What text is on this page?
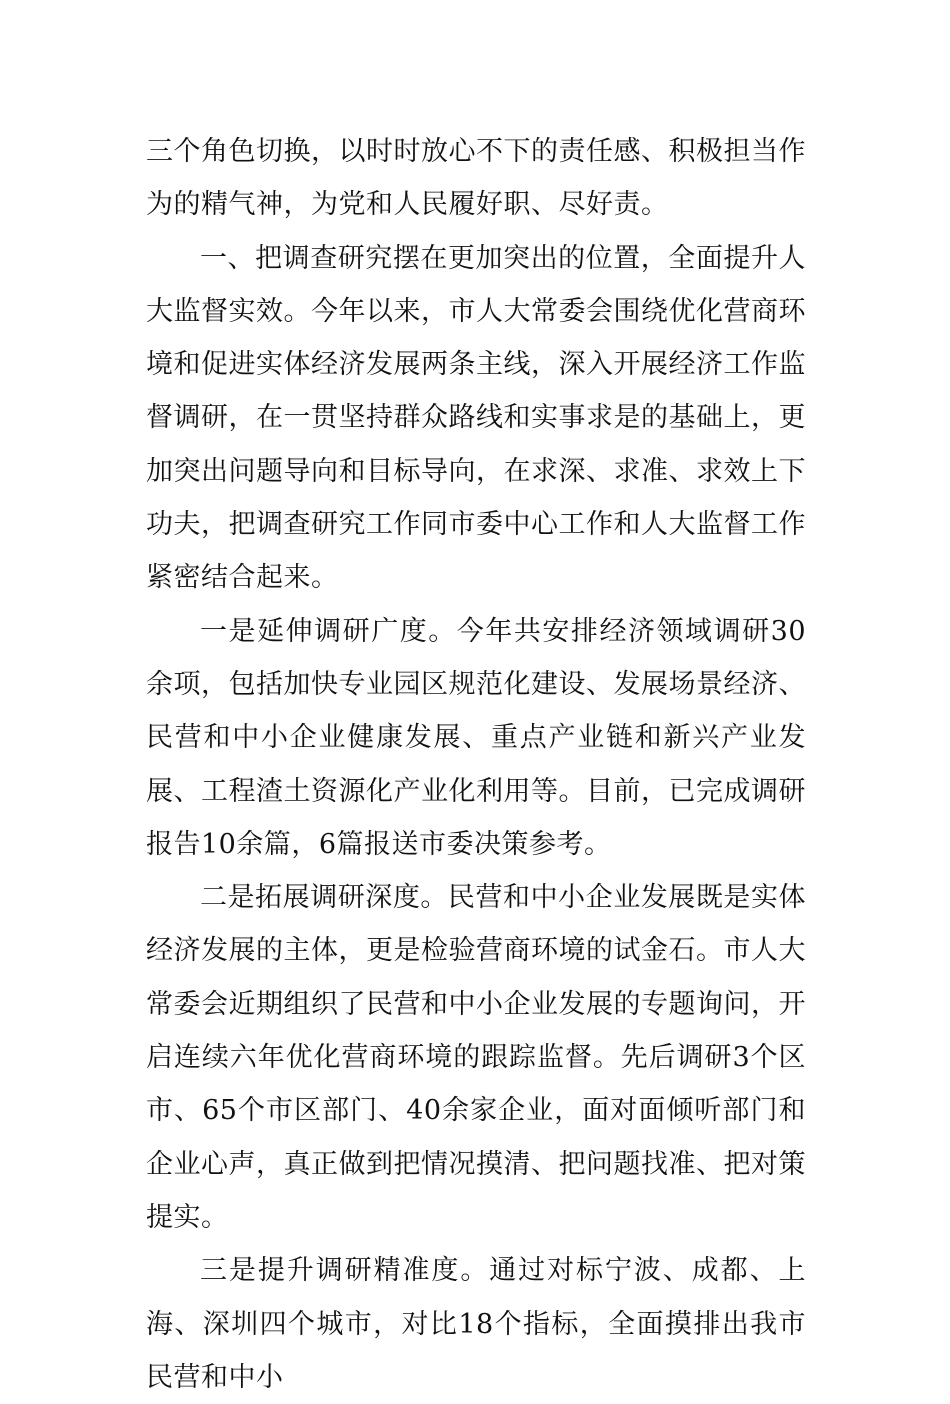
三个角色切换，以时时放心不下的责任感、积极担当作为的精气神，为党和人民履好职、尽好责。

一、把调查研究摆在更加突出的位置，全面提升人大监督实效。今年以来，市人大常委会围绕优化营商环境和促进实体经济发展两条主线，深入开展经济工作监督调研，在一贯坚持群众路线和实事求是的基础上，更加突出问题导向和目标导向，在求深、求准、求效上下功夫，把调查研究工作同市委中心工作和人大监督工作紧密结合起来。

一是延伸调研广度。今年共安排经济领域调研30余项，包括加快专业园区规范化建设、发展场景经济、民营和中小企业健康发展、重点产业链和新兴产业发展、工程渣土资源化产业化利用等。目前，已完成调研报告10余篇，6篇报送市委决策参考。

二是拓展调研深度。民营和中小企业发展既是实体经济发展的主体，更是检验营商环境的试金石。市人大常委会近期组织了民营和中小企业发展的专题询问，开启连续六年优化营商环境的跟踪监督。先后调研3个区市、65个市区部门、40余家企业，面对面倾听部门和企业心声，真正做到把情况摸清、把问题找准、把对策提实。

三是提升调研精准度。通过对标宁波、成都、上海、深圳四个城市，对比18个指标，全面摸排出我市民营和中小
